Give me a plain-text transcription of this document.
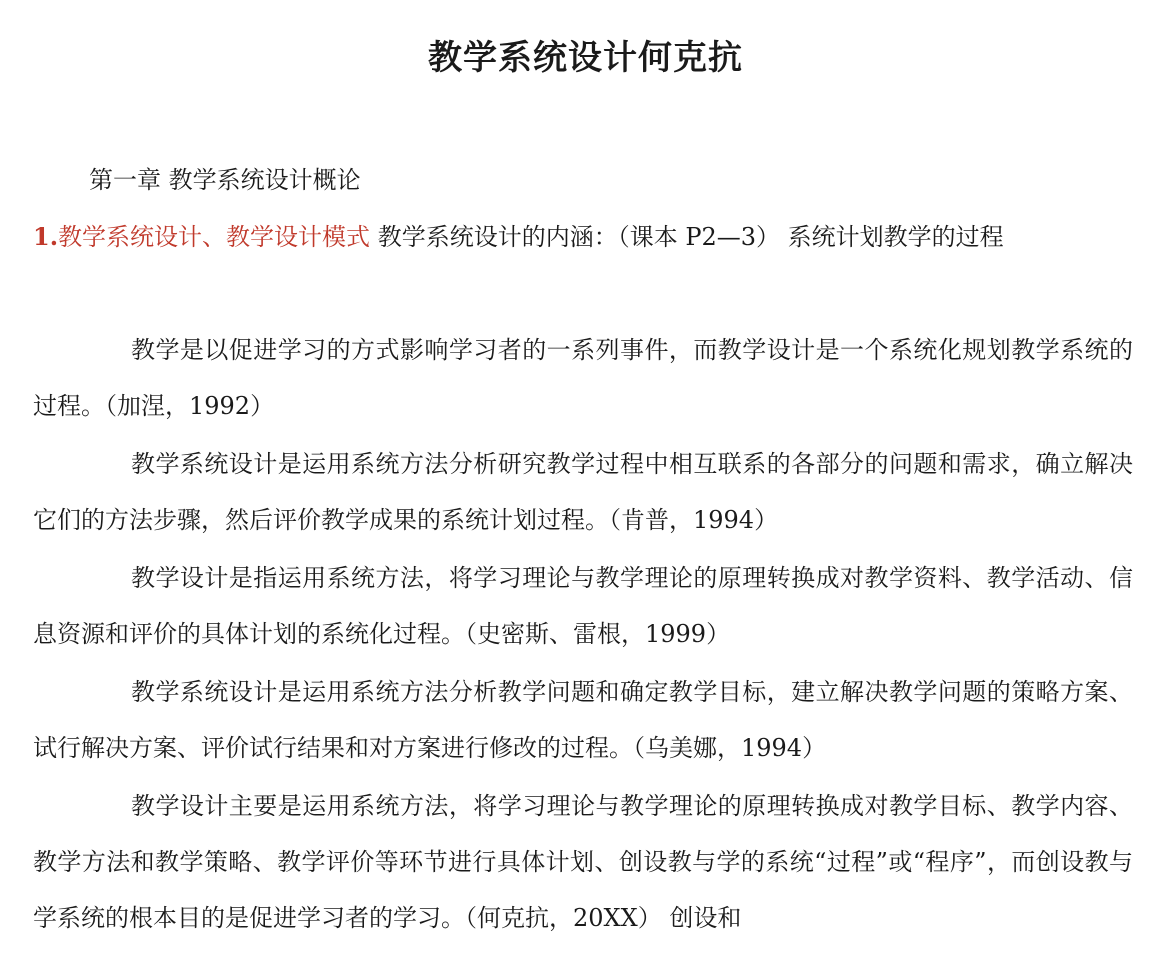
教学系统设计何克抗

第一章 教学系统设计概论

1.教学系统设计、教学设计模式 教学系统设计的内涵：（课本 P2—3） 系统计划教学的过程

教学是以促进学习的方式影响学习者的一系列事件，而教学设计是一个系统化规划教学系统的过程。（加涅，1992）

教学系统设计是运用系统方法分析研究教学过程中相互联系的各部分的问题和需求，确立解决它们的方法步骤，然后评价教学成果的系统计划过程。（肯普，1994）

教学设计是指运用系统方法，将学习理论与教学理论的原理转换成对教学资料、教学活动、信息资源和评价的具体计划的系统化过程。（史密斯、雷根，1999）

教学系统设计是运用系统方法分析教学问题和确定教学目标，建立解决教学问题的策略方案、试行解决方案、评价试行结果和对方案进行修改的过程。（乌美娜，1994）

教学设计主要是运用系统方法，将学习理论与教学理论的原理转换成对教学目标、教学内容、教学方法和教学策略、教学评价等环节进行具体计划、创设教与学的系统“过程”或“程序”，而创设教与学系统的根本目的是促进学习者的学习。（何克抗，20XX） 创设和
